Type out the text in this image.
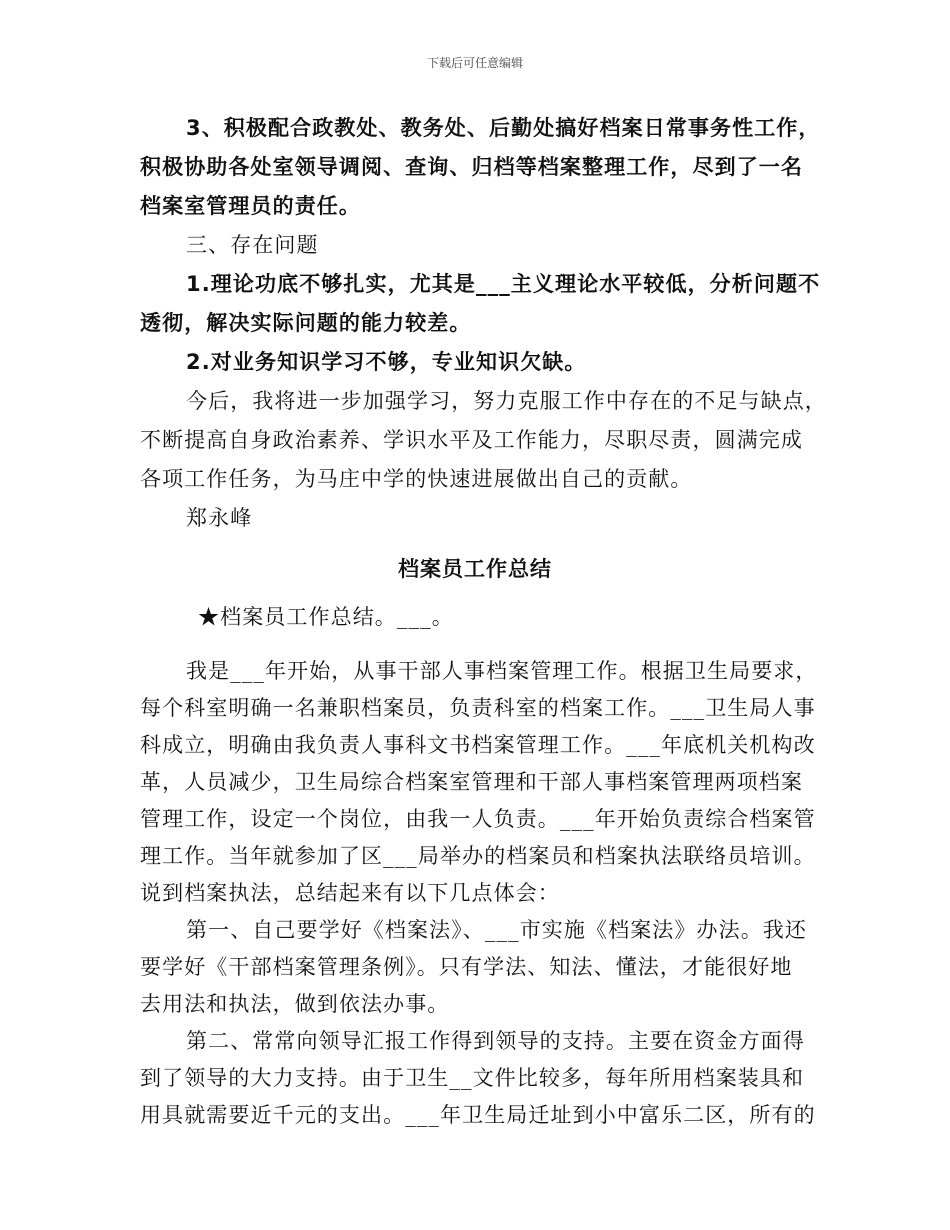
下载后可任意编辑
3、积极配合政教处、教务处、后勤处搞好档案日常事务性工作，
积极协助各处室领导调阅、查询、归档等档案整理工作，尽到了一名
档案室管理员的责任。
三、存在问题
1.理论功底不够扎实，尤其是___主义理论水平较低，分析问题不
透彻，解决实际问题的能力较差。
2.对业务知识学习不够，专业知识欠缺。
今后，我将进一步加强学习，努力克服工作中存在的不足与缺点，
不断提高自身政治素养、学识水平及工作能力，尽职尽责，圆满完成
各项工作任务，为马庄中学的快速进展做出自己的贡献。
郑永峰
档案员工作总结
★档案员工作总结。___。
我是___年开始，从事干部人事档案管理工作。根据卫生局要求，
每个科室明确一名兼职档案员，负责科室的档案工作。___卫生局人事
科成立，明确由我负责人事科文书档案管理工作。___年底机关机构改
革，人员减少，卫生局综合档案室管理和干部人事档案管理两项档案
管理工作，设定一个岗位，由我一人负责。___年开始负责综合档案管
理工作。当年就参加了区___局举办的档案员和档案执法联络员培训。
说到档案执法，总结起来有以下几点体会：
第一、自己要学好《档案法》、___市实施《档案法》办法。我还
要学好《干部档案管理条例》。只有学法、知法、懂法，才能很好地
去用法和执法，做到依法办事。
第二、常常向领导汇报工作得到领导的支持。主要在资金方面得
到了领导的大力支持。由于卫生__文件比较多，每年所用档案装具和
用具就需要近千元的支出。___年卫生局迁址到小中富乐二区，所有的
